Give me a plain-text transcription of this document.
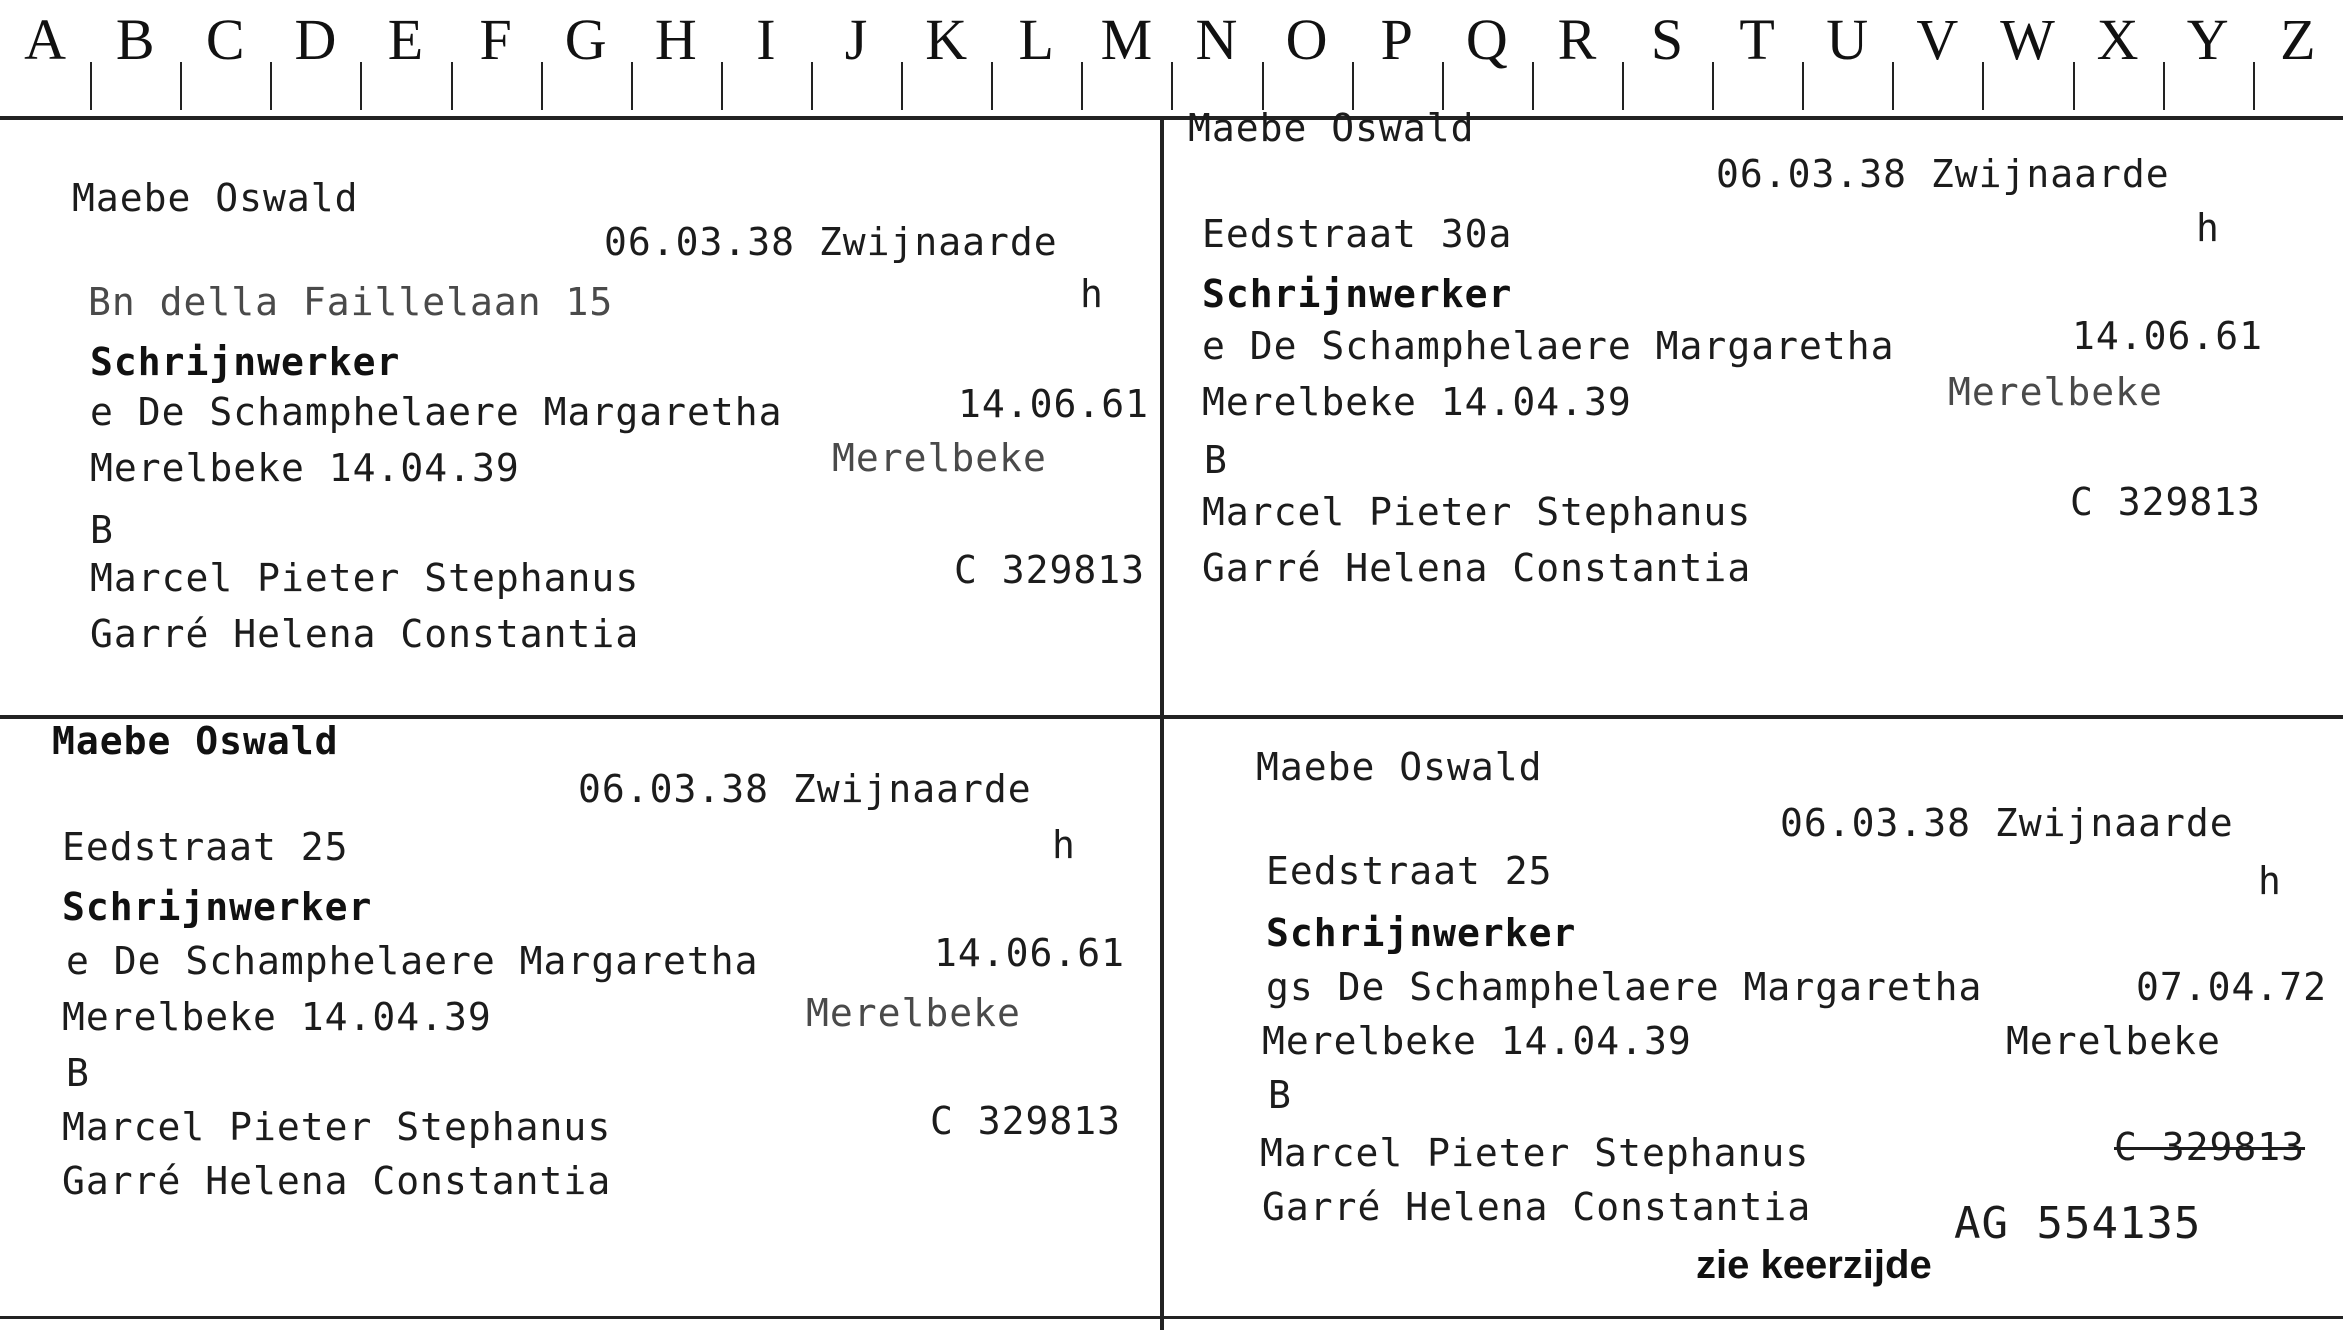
A B C D E F G H	I	J K L M N O P Q R S T U V W X Y Z
Maebe Oswald
06.03.38 Zwijnaarde
Bn della Faillelaan 15	h
Schrijnwerker
e De Schamphelaere Margaretha	14.06.61
Merelbeke 14.04.39	Merelbeke
B
Marcel Pieter Stephanus	C 329813
Garré Helena Constantia
Maebe Oswald
06.03.38 Zwijnaarde
Eedstraat 30a	h
Schrijnwerker
e De Schamphelaere Margaretha	14.06.61
Merelbeke 14.04.39	Merelbeke
B
Marcel Pieter Stephanus	C 329813
Garré Helena Constantia
Maebe Oswald
06.03.38 Zwijnaarde
Eedstraat 25	h
Schrijnwerker
e De Schamphelaere Margaretha	14.06.61
Merelbeke 14.04.39	Merelbeke
B
Marcel Pieter Stephanus	C 329813
Garré Helena Constantia
Maebe Oswald
06.03.38 Zwijnaarde
Eedstraat 25	h
Schrijnwerker
gs De Schamphelaere Margaretha	07.04.72
Merelbeke 14.04.39	Merelbeke
B
Marcel Pieter Stephanus	C 329813
Garré Helena Constantia	AG 554135
zie keerzijde
